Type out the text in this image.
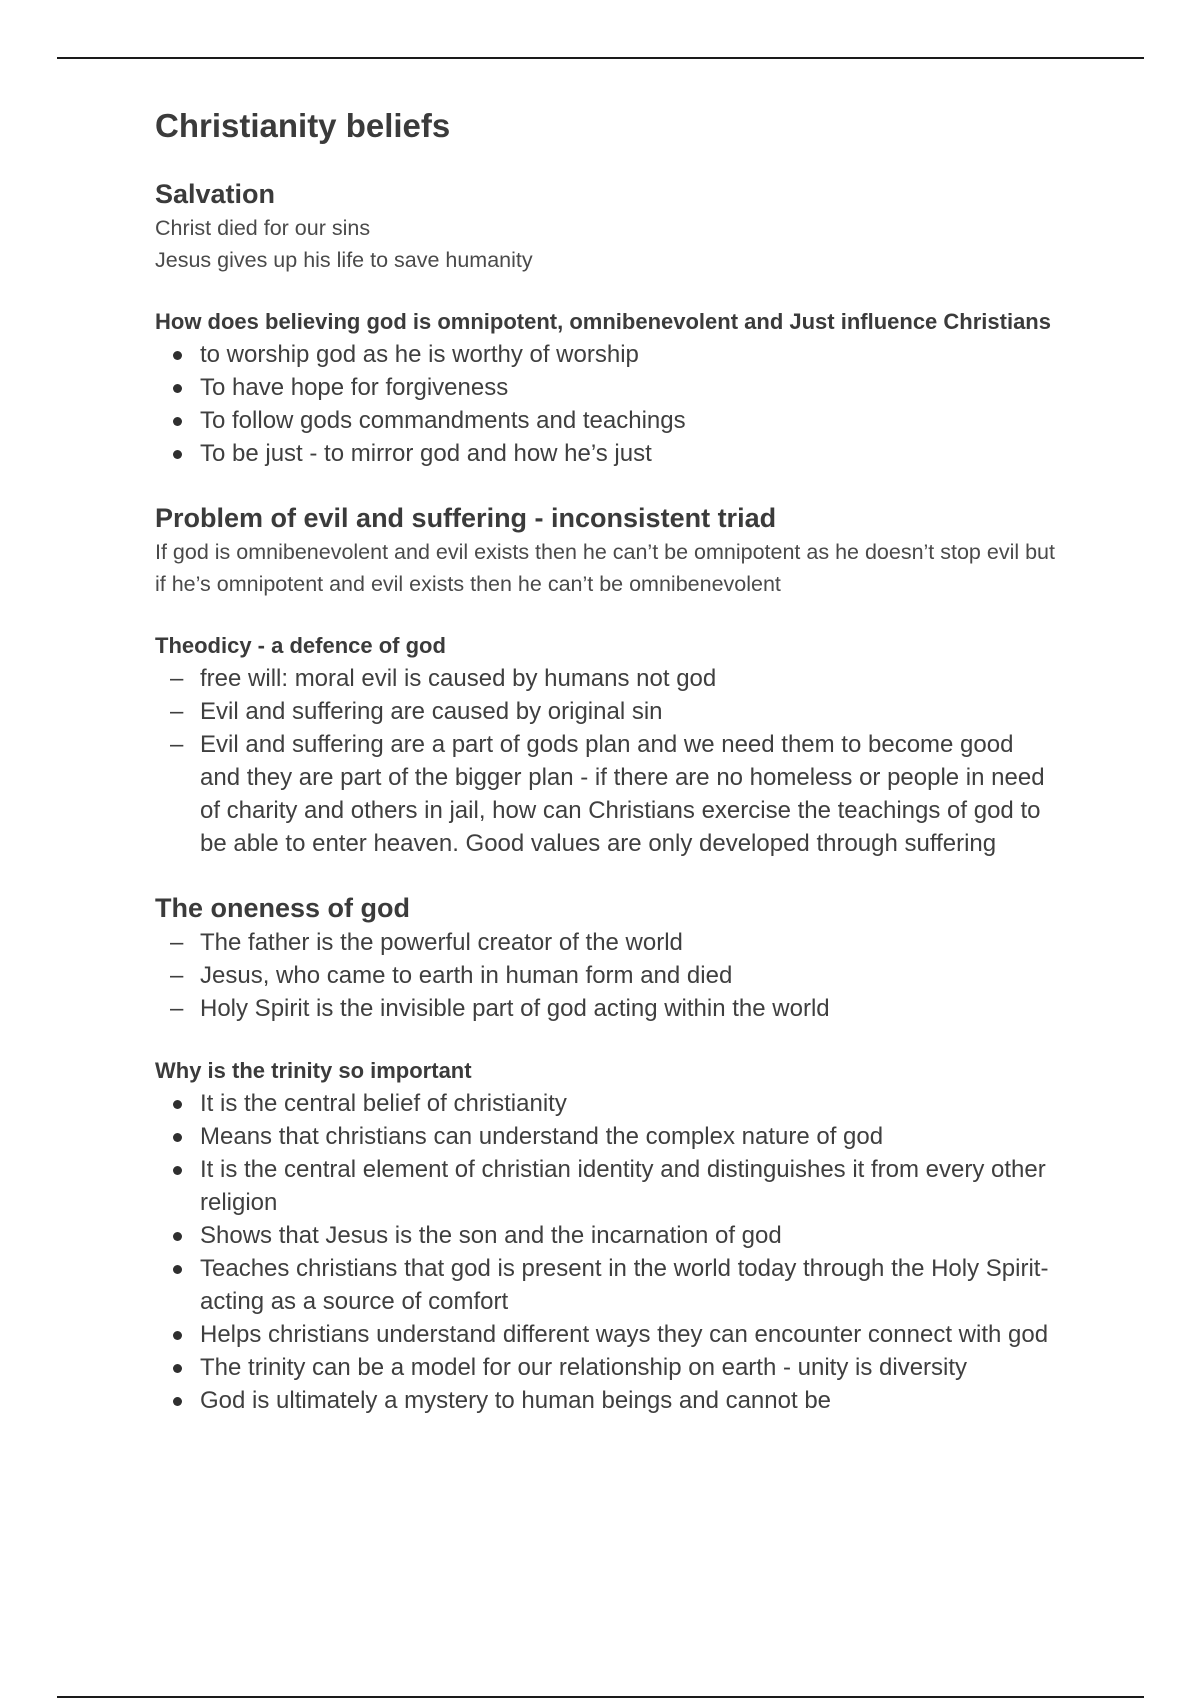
Christianity beliefs
Salvation

Christ died for our sins

Jesus gives up his life to save humanity

How does believing god is omnipotent, omnibenevolent and Just influence Christians
to worship god as he is worthy of worship
To have hope for forgiveness
To follow gods commandments and teachings
To be just - to mirror god and how he’s just
Problem of evil and suffering - inconsistent triad

If god is omnibenevolent and evil exists then he can’t be omnipotent as he doesn’t stop evil but if he’s omnipotent and evil exists then he can’t be omnibenevolent

Theodicy - a defence of god
free will: moral evil is caused by humans not god
Evil and suffering are caused by original sin
Evil and suffering are a part of gods plan and we need them to become good and they are part of the bigger plan - if there are no homeless or people in need of charity and others in jail, how can Christians exercise the teachings of god to be able to enter heaven. Good values are only developed through suffering
The oneness of god
The father is the powerful creator of the world
Jesus, who came to earth in human form and died
Holy Spirit is the invisible part of god acting within the world
Why is the trinity so important
It is the central belief of christianity
Means that christians can understand the complex nature of god
It is the central element of christian identity and distinguishes it from every other religion
Shows that Jesus is the son and the incarnation of god
Teaches christians that god is present in the world today through the Holy Spirit- acting as a source of comfort
Helps christians understand different ways they can encounter connect with god
The trinity can be a model for our relationship on earth - unity is diversity
God is ultimately a mystery to human beings and cannot be
